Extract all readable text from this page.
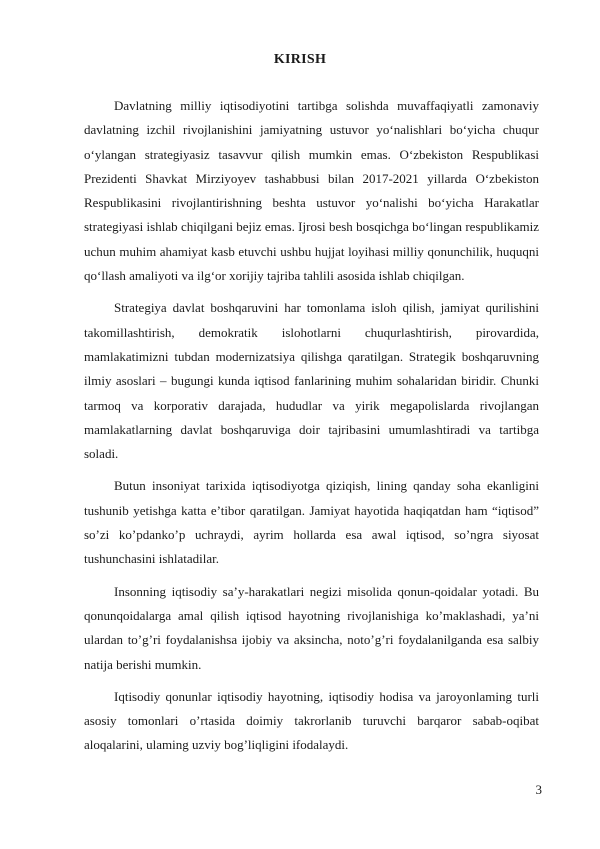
KIRISH

Davlatning milliy iqtisodiyotini tartibga solishda muvaffaqiyatli zamonaviy davlatning izchil rivojlanishini jamiyatning ustuvor yo‘nalishlari bo‘yicha chuqur o‘ylangan strategiyasiz tasavvur qilish mumkin emas. O‘zbekiston Respublikasi Prezidenti Shavkat Mirziyoyev tashabbusi bilan 2017-2021 yillarda O‘zbekiston Respublikasini rivojlantirishning beshta ustuvor yo‘nalishi bo‘yicha Harakatlar strategiyasi ishlab chiqilgani bejiz emas. Ijrosi besh bosqichga bo‘lingan respublikamiz uchun muhim ahamiyat kasb etuvchi ushbu hujjat loyihasi milliy qonunchilik, huquqni qo‘llash amaliyoti va ilg‘or xorijiy tajriba tahlili asosida ishlab chiqilgan.

Strategiya davlat boshqaruvini har tomonlama isloh qilish, jamiyat qurilishini takomillashtirish, demokratik islohotlarni chuqurlashtirish, pirovardida, mamlakatimizni tubdan modernizatsiya qilishga qaratilgan. Strategik boshqaruvning ilmiy asoslari – bugungi kunda iqtisod fanlarining muhim sohalaridan biridir. Chunki tarmoq va korporativ darajada, hududlar va yirik megapolislarda rivojlangan mamlakatlarning davlat boshqaruviga doir tajribasini umumlashtiradi va tartibga soladi.

Butun insoniyat tarixida iqtisodiyotga qiziqish, lining qanday soha ekanligini tushunib yetishga katta e’tibor qaratilgan. Jamiyat hayotida haqiqatdan ham “iqtisod” so’zi ko’pdanko’p uchraydi, ayrim hollarda esa awal iqtisod, so’ngra siyosat tushunchasini ishlatadilar.

Insonning iqtisodiy sa’y-harakatlari negizi misolida qonun-qoidalar yotadi. Bu qonunqoidalarga amal qilish iqtisod hayotning rivojlanishiga ko’maklashadi, ya’ni ulardan to’g’ri foydalanishsa ijobiy va aksincha, noto’g’ri foydalanilganda esa salbiy natija berishi mumkin.

Iqtisodiy qonunlar iqtisodiy hayotning, iqtisodiy hodisa va jaroyonlaming turli asosiy tomonlari o’rtasida doimiy takrorlanib turuvchi barqaror sabab-oqibat aloqalarini, ulaming uzviy bog’liqligini ifodalaydi.

3
